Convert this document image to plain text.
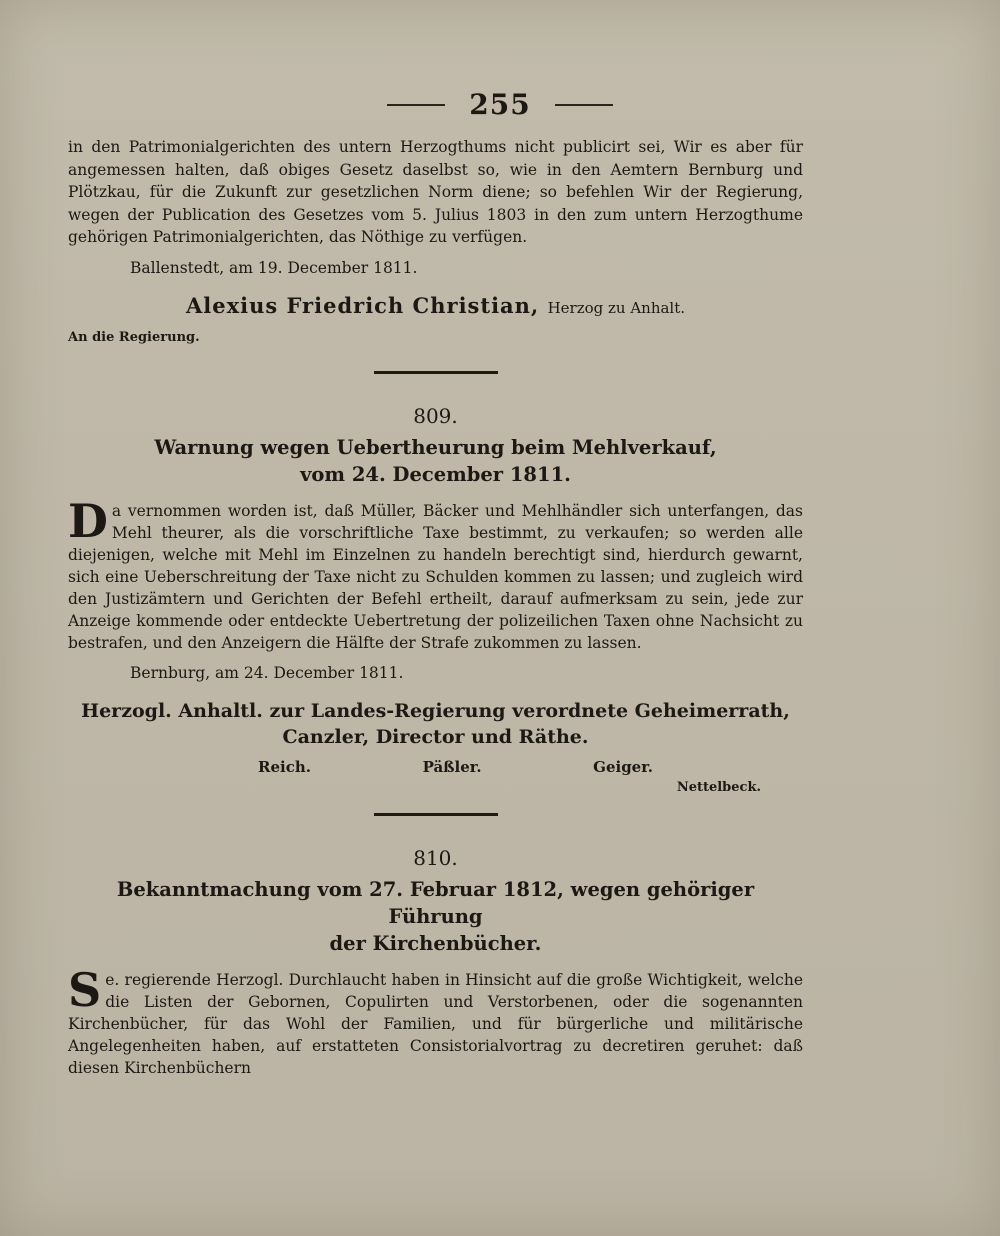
255

in den Patrimonialgerichten des untern Herzogthums nicht publicirt sei, Wir es aber für angemessen halten, daß obiges Gesetz daselbst so, wie in den Aemtern Bernburg und Plötzkau, für die Zukunft zur gesetzlichen Norm diene; so befehlen Wir der Regierung, wegen der Publication des Gesetzes vom 5. Julius 1803 in den zum untern Herzogthume gehörigen Patrimonialgerichten, das Nöthige zu verfügen.

Ballenstedt, am 19. December 1811.

Alexius Friedrich Christian, Herzog zu Anhalt.

An die Regierung.

809.

Warnung wegen Uebertheurung beim Mehlverkauf,
vom 24. December 1811.

Da vernommen worden ist, daß Müller, Bäcker und Mehlhändler sich unterfangen, das Mehl theurer, als die vorschriftliche Taxe bestimmt, zu verkaufen; so werden alle diejenigen, welche mit Mehl im Einzelnen zu handeln berechtigt sind, hierdurch gewarnt, sich eine Ueberschreitung der Taxe nicht zu Schulden kommen zu lassen; und zugleich wird den Justizämtern und Gerichten der Befehl ertheilt, darauf aufmerksam zu sein, jede zur Anzeige kommende oder entdeckte Uebertretung der polizeilichen Taxen ohne Nachsicht zu bestrafen, und den Anzeigern die Hälfte der Strafe zukommen zu lassen.

Bernburg, am 24. December 1811.

Herzogl. Anhaltl. zur Landes-Regierung verordnete Geheimerrath,
Canzler, Director und Räthe.

Reich.	Päßler.	Geiger.

Nettelbeck.

810.

Bekanntmachung vom 27. Februar 1812, wegen gehöriger Führung
der Kirchenbücher.

Se. regierende Herzogl. Durchlaucht haben in Hinsicht auf die große Wichtigkeit, welche die Listen der Gebornen, Copulirten und Verstorbenen, oder die sogenannten Kirchenbücher, für das Wohl der Familien, und für bürgerliche und militärische Angelegenheiten haben, auf erstatteten Consistorialvortrag zu decretiren geruhet: daß diesen Kirchenbüchern
